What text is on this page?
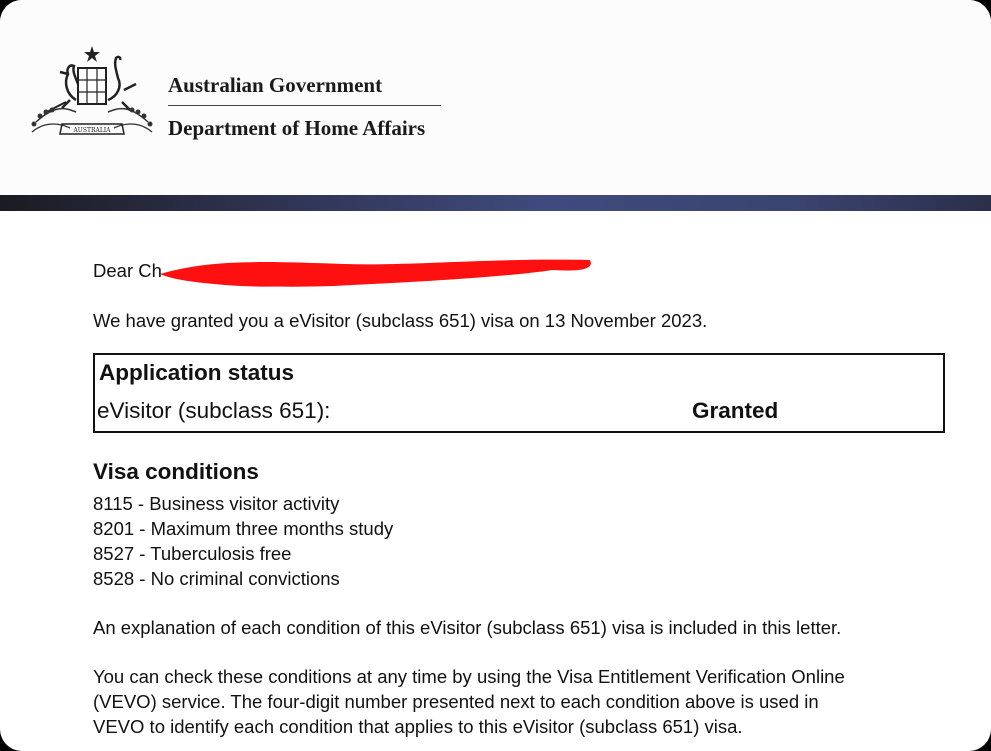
AUSTRALIA
Australian Government
Department of Home Affairs
Dear Ch
We have granted you a eVisitor (subclass 651) visa on 13 November 2023.
Application status
eVisitor (subclass 651):	Granted
Visa conditions
8115 - Business visitor activity
8201 - Maximum three months study
8527 - Tuberculosis free
8528 - No criminal convictions
An explanation of each condition of this eVisitor (subclass 651) visa is included in this letter.

You can check these conditions at any time by using the Visa Entitlement Verification Online
(VEVO) service. The four-digit number presented next to each condition above is used in
VEVO to identify each condition that applies to this eVisitor (subclass 651) visa.
